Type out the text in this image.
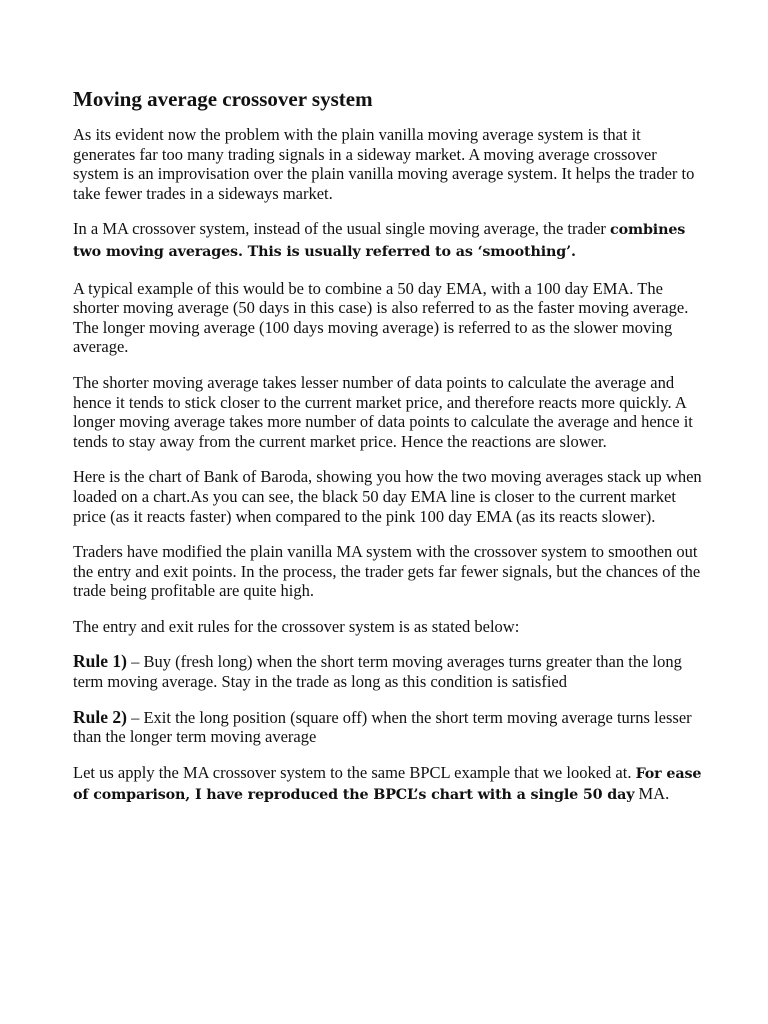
Moving average crossover system

As its evident now the problem with the plain vanilla moving average system is that it generates far too many trading signals in a sideway market. A moving average crossover system is an improvisation over the plain vanilla moving average system. It helps the trader to take fewer trades in a sideways market.

In a MA crossover system, instead of the usual single moving average, the trader combines two moving averages. This is usually referred to as ‘smoothing’.

A typical example of this would be to combine a 50 day EMA, with a 100 day EMA. The shorter moving average (50 days in this case) is also referred to as the faster moving average. The longer moving average (100 days moving average) is referred to as the slower moving average.

The shorter moving average takes lesser number of data points to calculate the average and hence it tends to stick closer to the current market price, and therefore reacts more quickly. A longer moving average takes more number of data points to calculate the average and hence it tends to stay away from the current market price. Hence the reactions are slower.

Here is the chart of Bank of Baroda, showing you how the two moving averages stack up when loaded on a chart.As you can see, the black 50 day EMA line is closer to the current market price (as it reacts faster) when compared to the pink 100 day EMA (as its reacts slower).

Traders have modified the plain vanilla MA system with the crossover system to smoothen out the entry and exit points. In the process, the trader gets far fewer signals, but the chances of the trade being profitable are quite high.

The entry and exit rules for the crossover system is as stated below:

Rule 1) – Buy (fresh long) when the short term moving averages turns greater than the long term moving average. Stay in the trade as long as this condition is satisfied

Rule 2) – Exit the long position (square off) when the short term moving average turns lesser than the longer term moving average

Let us apply the MA crossover system to the same BPCL example that we looked at. For ease of comparison, I have reproduced the BPCL’s chart with a single 50 day MA.
